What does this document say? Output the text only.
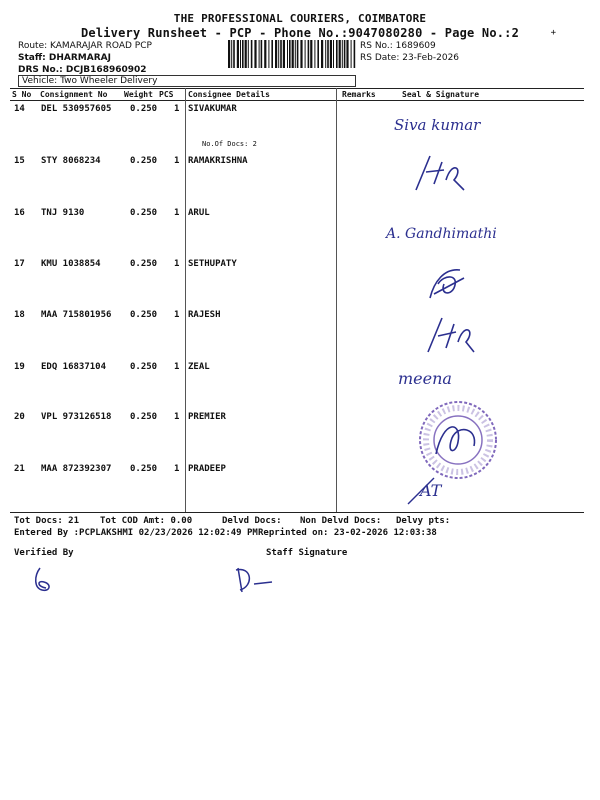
THE PROFESSIONAL COURIERS, COIMBATORE
Delivery Runsheet - PCP - Phone No.:9047080280 - Page No.:2	+
Route: KAMARAJAR ROAD PCP
Staff: DHARMARAJ
DRS No.: DCJB168960902
Vehicle: Two Wheeler Delivery
RS No.: 1689609
RS Date: 23-Feb-2026
S No Consignment No Weight PCS Consignee Details	Remarks	Seal & Signature
14 DEL 530957605 0.250 1 SIVAKUMAR
15 STY 8068234	0.250 1 RAMAKRISHNA
16 TNJ 9130	0.250 1 ARUL
17 KMU 1038854	0.250 1 SETHUPATY
18 MAA 715801956 0.250 1 RAJESH
19 EDQ 16837104	0.250 1 ZEAL
20 VPL 973126518 0.250 1 PREMIER
21 MAA 872392307 0.250 1 PRADEEP
No.Of Docs: 2
Siva kumar
A. Gandhimathi
meena
AT
Tot Docs: 21 Tot COD Amt: 0.00	Delvd Docs: Non Delvd Docs: Delvy pts:
Entered By :PCPLAKSHMI 02/23/2026 12:02:49 PM Reprinted on: 23-02-2026 12:03:38
Verified By	Staff Signature
